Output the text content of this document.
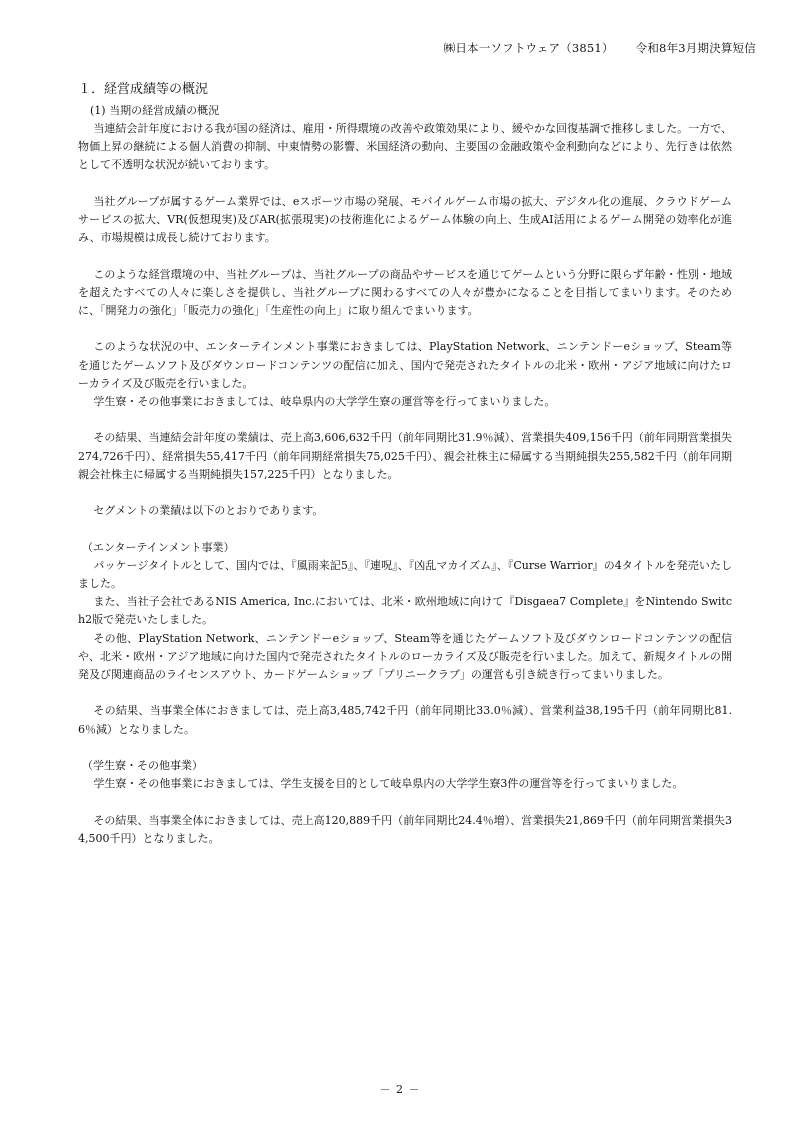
㈱日本一ソフトウェア（3851） 令和8年3月期決算短信
１．経営成績等の概況
(1) 当期の経営成績の概況

当連結会計年度における我が国の経済は、雇用・所得環境の改善や政策効果により、緩やかな回復基調で推移しました。一方で、物価上昇の継続による個人消費の抑制、中東情勢の影響、米国経済の動向、主要国の金融政策や金利動向などにより、先行きは依然として不透明な状況が続いております。

当社グループが属するゲーム業界では、eスポーツ市場の発展、モバイルゲーム市場の拡大、デジタル化の進展、クラウドゲームサービスの拡大、VR(仮想現実)及びAR(拡張現実)の技術進化によるゲーム体験の向上、生成AI活用によるゲーム開発の効率化が進み、市場規模は成長し続けております。

このような経営環境の中、当社グループは、当社グループの商品やサービスを通じてゲームという分野に限らず年齢・性別・地域を超えたすべての人々に楽しさを提供し、当社グループに関わるすべての人々が豊かになることを目指してまいります。そのために、「開発力の強化」「販売力の強化」「生産性の向上」に取り組んでまいります。

このような状況の中、エンターテインメント事業におきましては、PlayStation Network、ニンテンドーeショップ、Steam等を通じたゲームソフト及びダウンロードコンテンツの配信に加え、国内で発売されたタイトルの北米・欧州・アジア地域に向けたローカライズ及び販売を行いました。

学生寮・その他事業におきましては、岐阜県内の大学学生寮の運営等を行ってまいりました。

その結果、当連結会計年度の業績は、売上高3,606,632千円（前年同期比31.9％減）、営業損失409,156千円（前年同期営業損失274,726千円）、経常損失55,417千円（前年同期経常損失75,025千円）、親会社株主に帰属する当期純損失255,582千円（前年同期親会社株主に帰属する当期純損失157,225千円）となりました。

セグメントの業績は以下のとおりであります。

（エンターテインメント事業）

パッケージタイトルとして、国内では、『風雨来記5』、『連呪』、『凶乱マカイズム』、『Curse Warrior』の4タイトルを発売いたしました。

また、当社子会社であるNIS America, Inc.においては、北米・欧州地域に向けて『Disgaea7 Complete』をNintendo Switch2版で発売いたしました。

その他、PlayStation Network、ニンテンドーeショップ、Steam等を通じたゲームソフト及びダウンロードコンテンツの配信や、北米・欧州・アジア地域に向けた国内で発売されたタイトルのローカライズ及び販売を行いました。加えて、新規タイトルの開発及び関連商品のライセンスアウト、カードゲームショップ「プリニークラブ」の運営も引き続き行ってまいりました。

その結果、当事業全体におきましては、売上高3,485,742千円（前年同期比33.0％減）、営業利益38,195千円（前年同期比81.6％減）となりました。

（学生寮・その他事業）

学生寮・その他事業におきましては、学生支援を目的として岐阜県内の大学学生寮3件の運営等を行ってまいりました。

その結果、当事業全体におきましては、売上高120,889千円（前年同期比24.4％増）、営業損失21,869千円（前年同期営業損失34,500千円）となりました。

－ 2 －
